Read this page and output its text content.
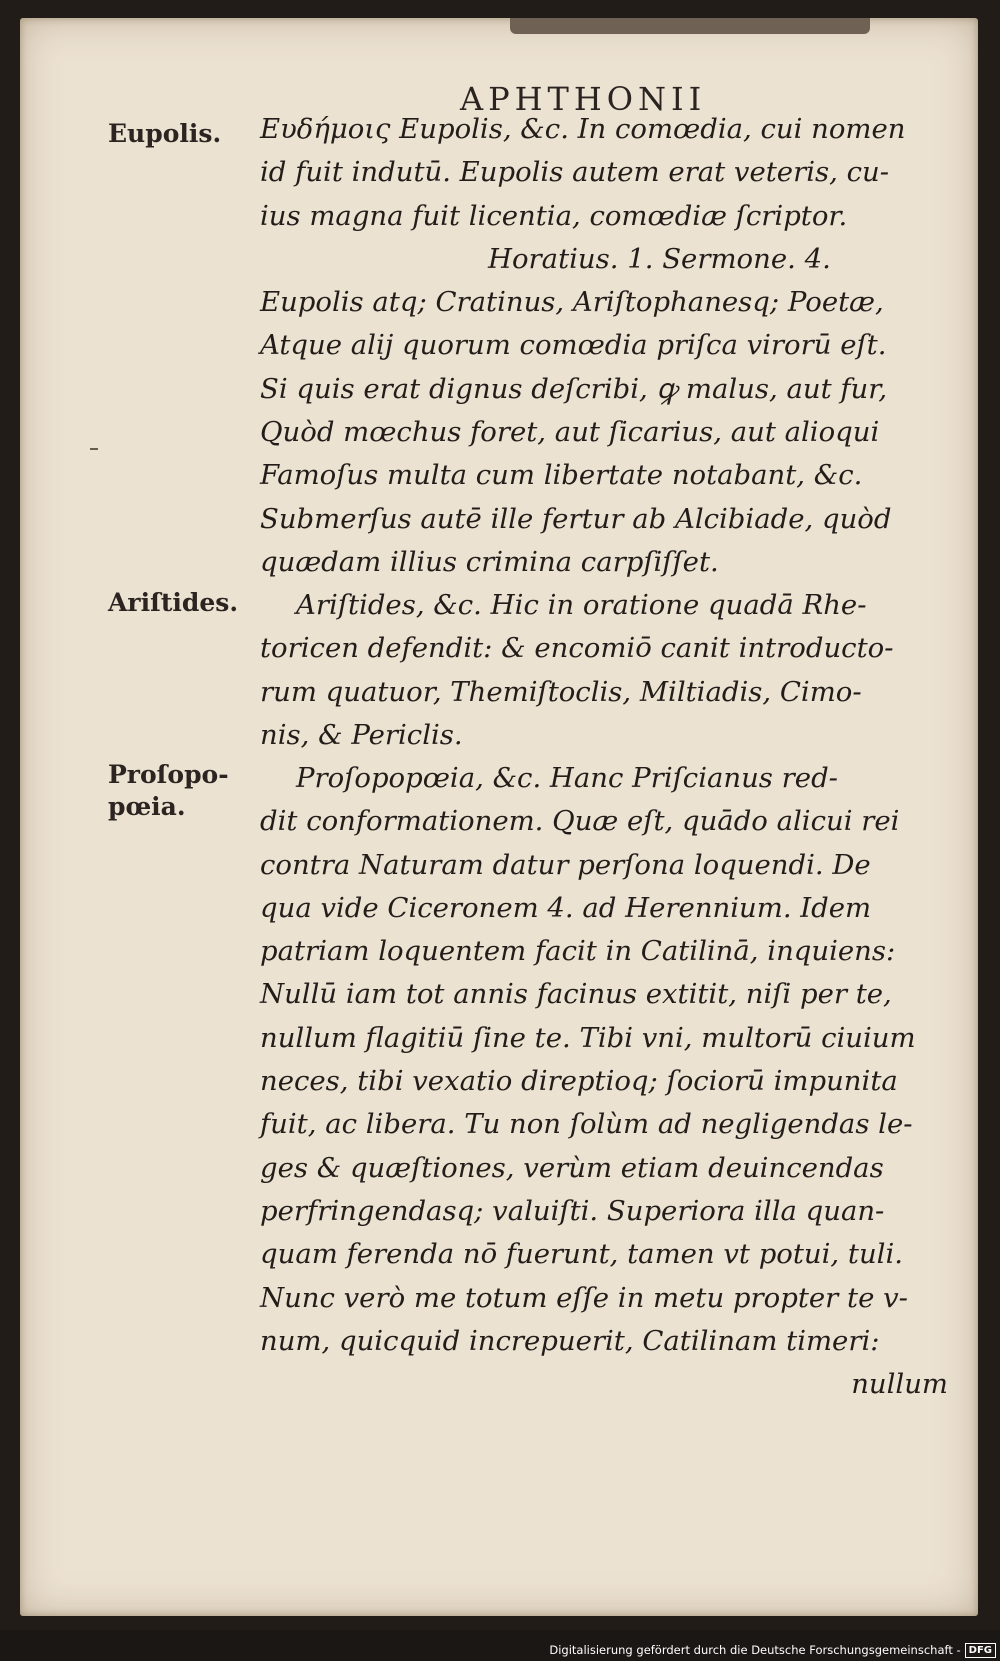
APHTHONII
Eupolis.
Ariſtides.
Proſopo-
pœia.
Ευδήμοις Eupolis, &c. In comœdia, cui nomen
id fuit indutū. Eupolis autem erat veteris, cu-
ius magna fuit licentia, comœdiæ ſcriptor.
Horatius. 1. Sermone. 4.
Eupolis atq; Cratinus, Ariſtophanesq; Poetæ,
Atque alij quorum comœdia priſca virorū eſt.
Si quis erat dignus deſcribi, ꝙ malus, aut fur,
Quòd mœchus foret, aut ſicarius, aut alioqui
Famoſus multa cum libertate notabant, &c.
Submerſus autē ille fertur ab Alcibiade, quòd
quædam illius crimina carpſiſſet.
Ariſtides, &c. Hic in oratione quadā Rhe-
toricen defendit: & encomiō canit introducto-
rum quatuor, Themiſtoclis, Miltiadis, Cimo-
nis, & Periclis.
Proſopopœia, &c. Hanc Priſcianus red-
dit conformationem. Quæ eſt, quādo alicui rei
contra Naturam datur perſona loquendi. De
qua vide Ciceronem 4. ad Herennium. Idem
patriam loquentem facit in Catilinā, inquiens:
Nullū iam tot annis facinus extitit, niſi per te,
nullum flagitiū ſine te. Tibi vni, multorū ciuium
neces, tibi vexatio direptioq; ſociorū impunita
fuit, ac libera. Tu non ſolùm ad negligendas le-
ges & quæſtiones, verùm etiam deuincendas
perfringendasq; valuiſti. Superiora illa quan-
quam ferenda nō fuerunt, tamen vt potui, tuli.
Nunc verò me totum eſſe in metu propter te v-
num, quicquid increpuerit, Catilinam timeri:
nullum
Digitalisierung gefördert durch die Deutsche Forschungsgemeinschaft - DFG
